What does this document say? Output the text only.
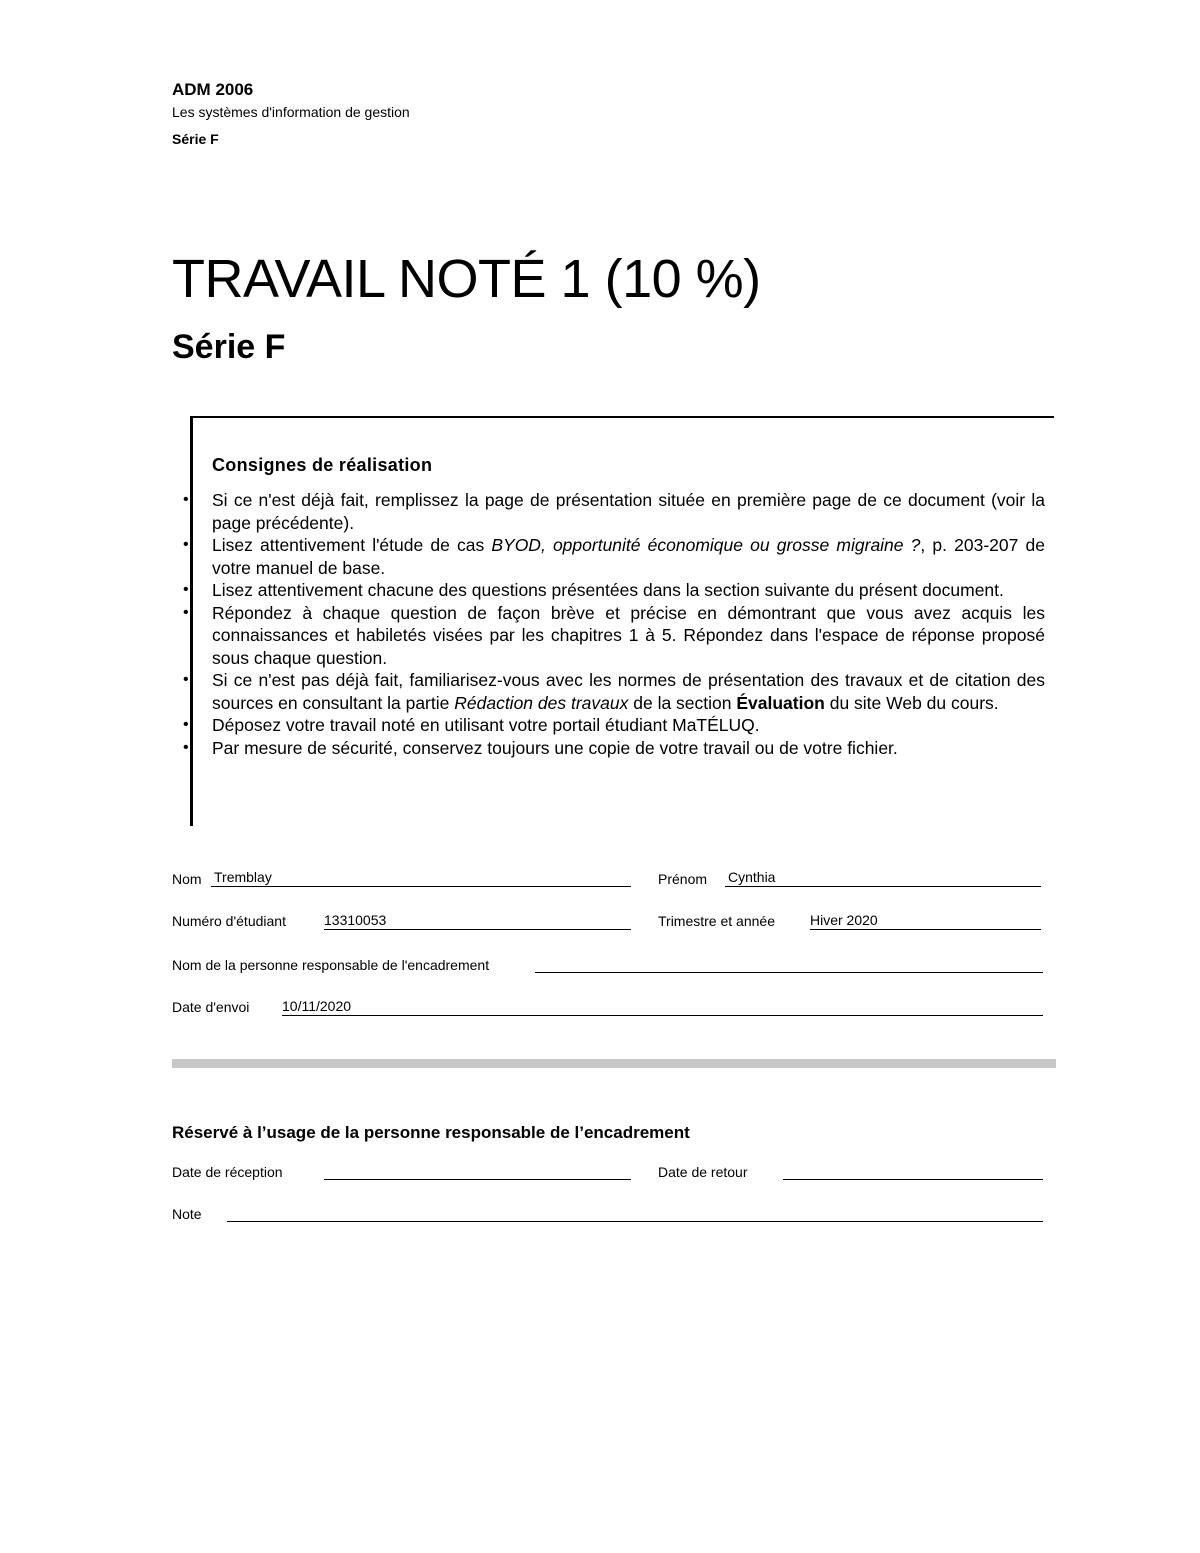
ADM 2006
Les systèmes d'information de gestion
Série F
TRAVAIL NOTÉ 1 (10 %)
Série F
Consignes de réalisation
• Si ce n'est déjà fait, remplissez la page de présentation située en première page de ce document (voir la page précédente).
• Lisez attentivement l'étude de cas BYOD, opportunité économique ou grosse migraine ?, p. 203-207 de votre manuel de base.
• Lisez attentivement chacune des questions présentées dans la section suivante du présent document.
• Répondez à chaque question de façon brève et précise en démontrant que vous avez acquis les connaissances et habiletés visées par les chapitres 1 à 5. Répondez dans l'espace de réponse proposé sous chaque question.
• Si ce n'est pas déjà fait, familiarisez-vous avec les normes de présentation des travaux et de citation des sources en consultant la partie Rédaction des travaux de la section Évaluation du site Web du cours.
• Déposez votre travail noté en utilisant votre portail étudiant MaTÉLUQ.
• Par mesure de sécurité, conservez toujours une copie de votre travail ou de votre fichier.
Nom Tremblay	Prénom Cynthia
Numéro d'étudiant	13310053	Trimestre et année	Hiver 2020
Nom de la personne responsable de l'encadrement
Date d'envoi 10/11/2020
Réservé à l’usage de la personne responsable de l’encadrement
Date de réception	Date de retour
Note
